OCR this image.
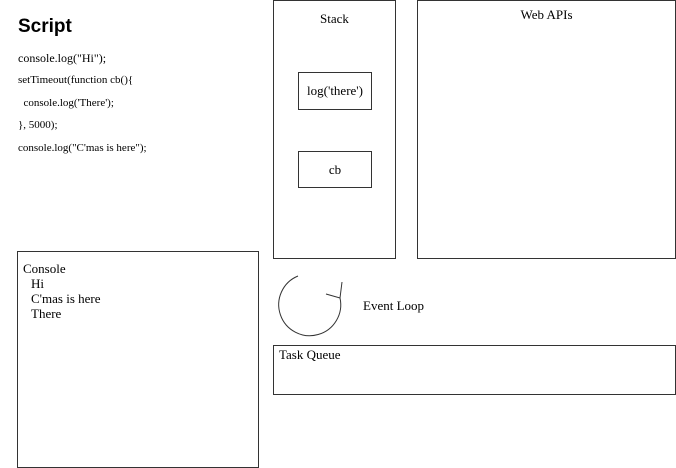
Script
console.log("Hi");
setTimeout(function cb(){
console.log('There');
}, 5000);
console.log("C'mas is here");
Stack
log('there')
cb
Web APIs
Console
Hi
C'mas is here
There
Event Loop
Task Queue
